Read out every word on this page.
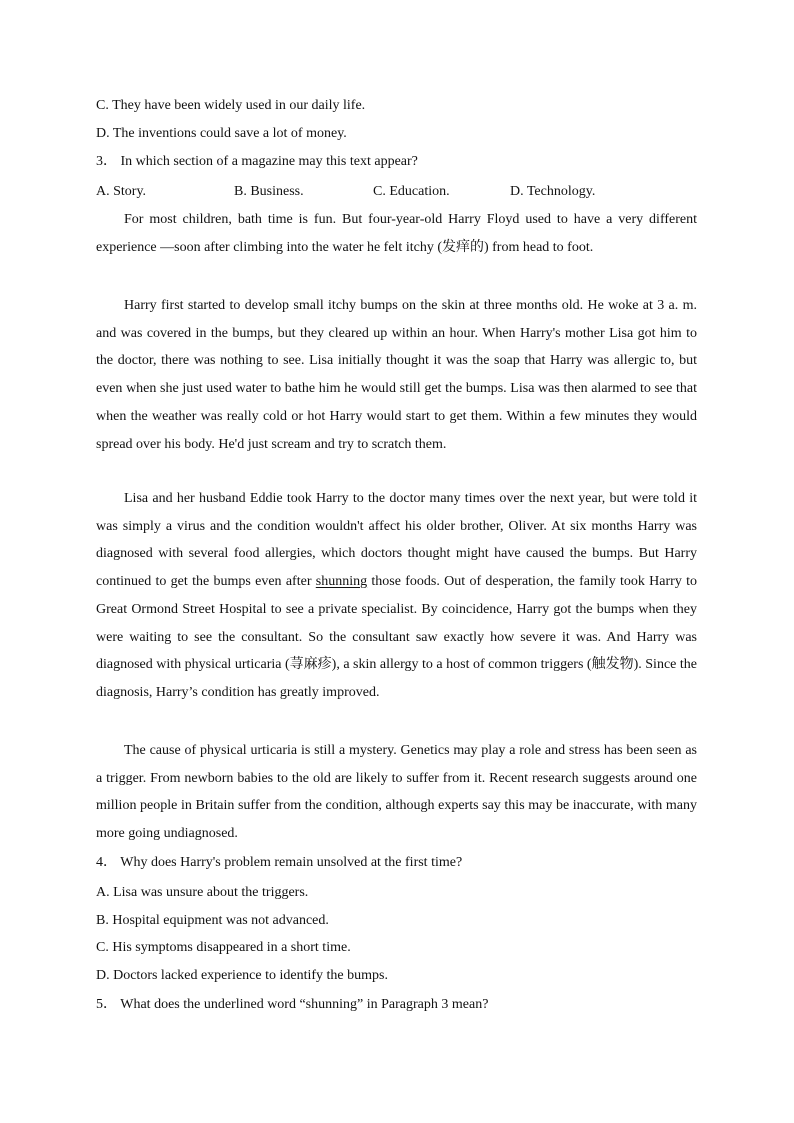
C. They have been widely used in our daily life.
D. The inventions could save a lot of money.
3． In which section of a magazine may this text appear?
A. Story.	B. Business.	C. Education.	D. Technology.

For most children, bath time is fun. But four-year-old Harry Floyd used to have a very different experience —soon after climbing into the water he felt itchy (发痒的) from head to foot.

Harry first started to develop small itchy bumps on the skin at three months old. He woke at 3 a. m. and was covered in the bumps, but they cleared up within an hour. When Harry's mother Lisa got him to the doctor, there was nothing to see. Lisa initially thought it was the soap that Harry was allergic to, but even when she just used water to bathe him he would still get the bumps. Lisa was then alarmed to see that when the weather was really cold or hot Harry would start to get them. Within a few minutes they would spread over his body. He'd just scream and try to scratch them.

Lisa and her husband Eddie took Harry to the doctor many times over the next year, but were told it was simply a virus and the condition wouldn't affect his older brother, Oliver. At six months Harry was diagnosed with several food allergies, which doctors thought might have caused the bumps. But Harry continued to get the bumps even after shunning those foods. Out of desperation, the family took Harry to Great Ormond Street Hospital to see a private specialist. By coincidence, Harry got the bumps when they were waiting to see the consultant. So the consultant saw exactly how severe it was. And Harry was diagnosed with physical urticaria (荨麻疹), a skin allergy to a host of common triggers (触发物). Since the diagnosis, Harry’s condition has greatly improved.

The cause of physical urticaria is still a mystery. Genetics may play a role and stress has been seen as a trigger. From newborn babies to the old are likely to suffer from it. Recent research suggests around one million people in Britain suffer from the condition, although experts say this may be inaccurate, with many more going undiagnosed.

4． Why does Harry's problem remain unsolved at the first time?
A. Lisa was unsure about the triggers.
B. Hospital equipment was not advanced.
C. His symptoms disappeared in a short time.
D. Doctors lacked experience to identify the bumps.
5． What does the underlined word “shunning” in Paragraph 3 mean?
